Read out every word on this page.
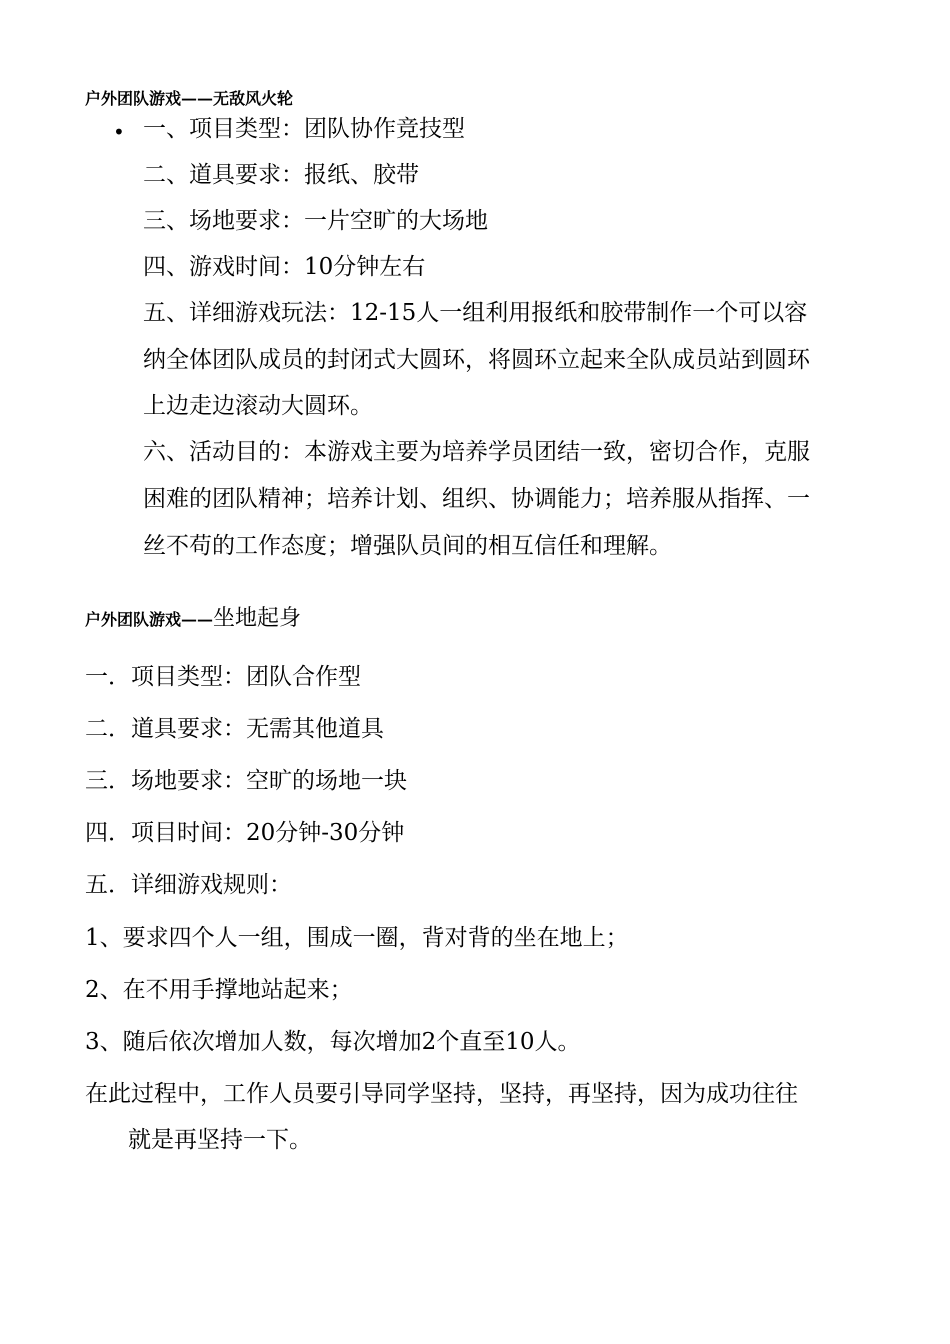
户外团队游戏——无敌风火轮
• 一、项目类型：团队协作竞技型
二、道具要求：报纸、胶带
三、场地要求：一片空旷的大场地
四、游戏时间：10分钟左右
五、详细游戏玩法：12-15人一组利用报纸和胶带制作一个可以容
纳全体团队成员的封闭式大圆环，将圆环立起来全队成员站到圆环
上边走边滚动大圆环。
六、活动目的：本游戏主要为培养学员团结一致，密切合作，克服
困难的团队精神；培养计划、组织、协调能力；培养服从指挥、一
丝不苟的工作态度；增强队员间的相互信任和理解。
户外团队游戏——坐地起身
一．项目类型：团队合作型
二．道具要求：无需其他道具
三．场地要求：空旷的场地一块
四．项目时间：20分钟-30分钟
五．详细游戏规则：
1、要求四个人一组，围成一圈，背对背的坐在地上；
2、在不用手撑地站起来；
3、随后依次增加人数，每次增加2个直至10人。
在此过程中，工作人员要引导同学坚持，坚持，再坚持，因为成功往往
就是再坚持一下。
